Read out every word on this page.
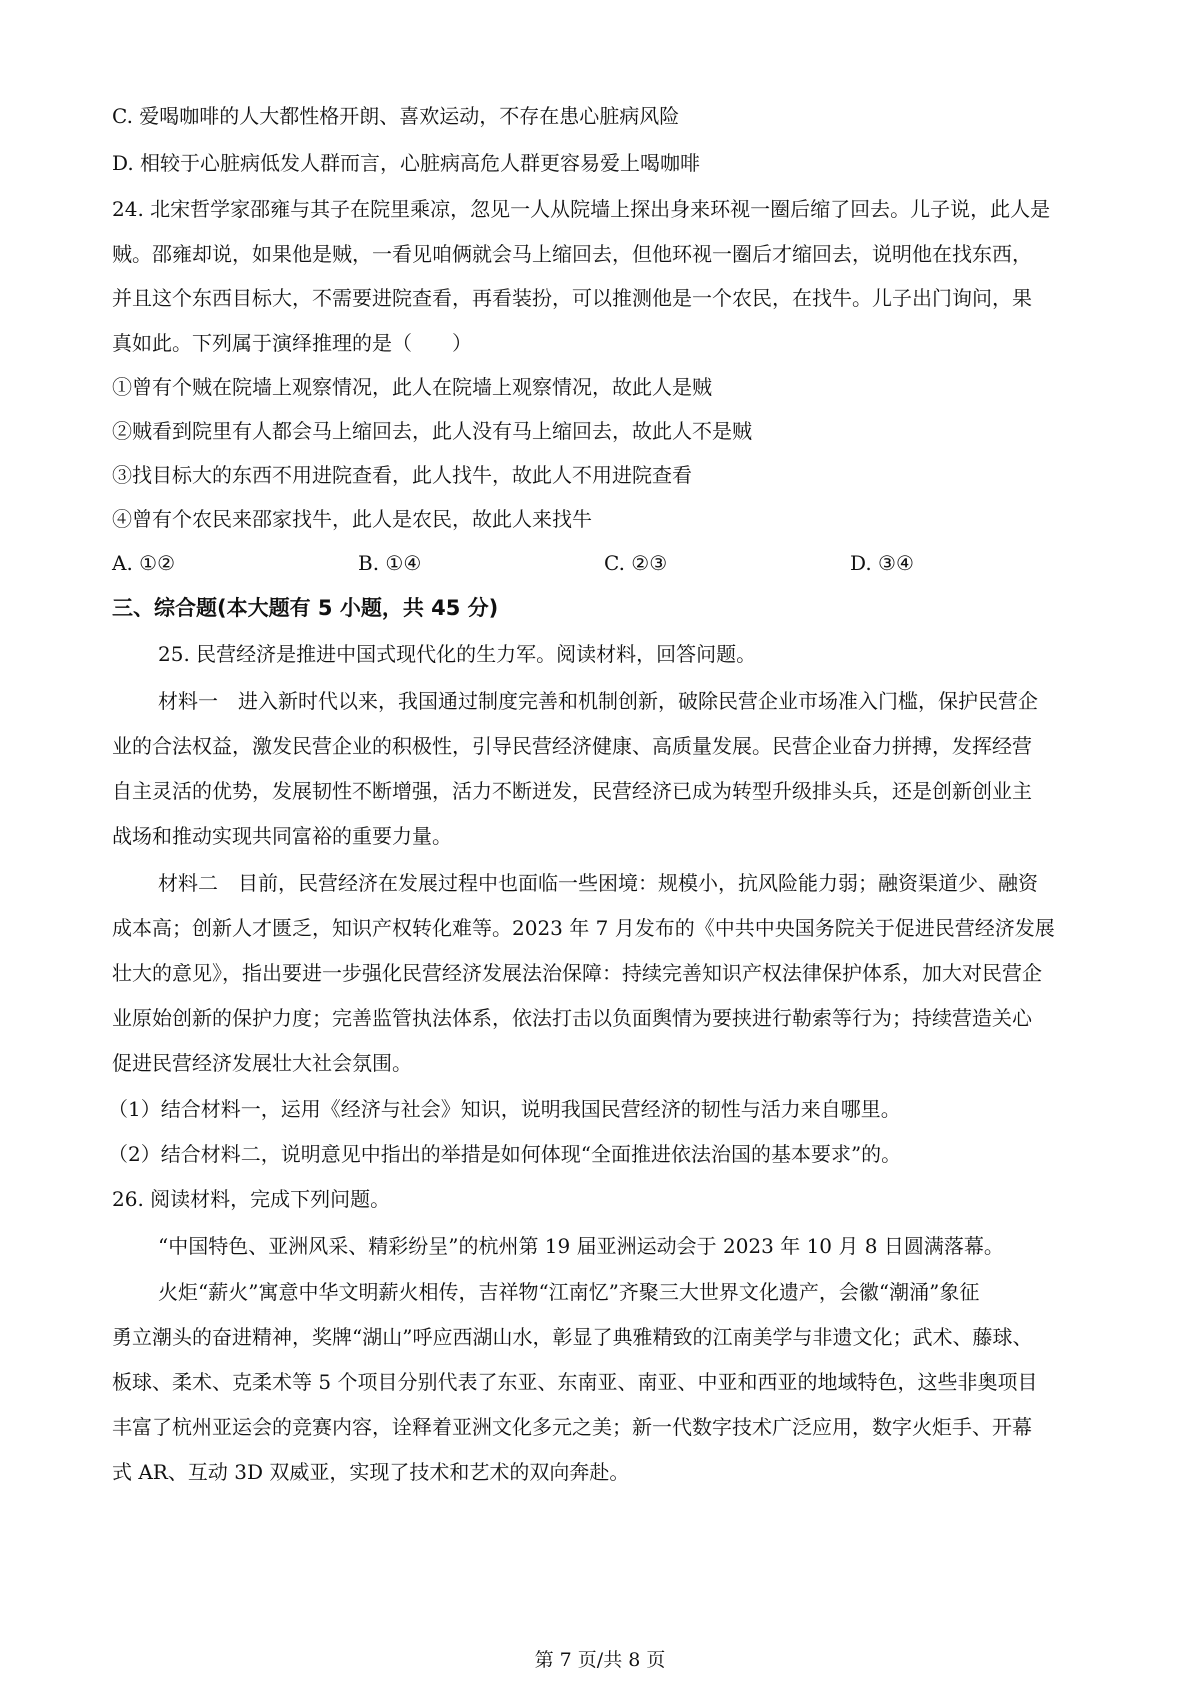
C. 爱喝咖啡的人大都性格开朗、喜欢运动，不存在患心脏病风险
D. 相较于心脏病低发人群而言，心脏病高危人群更容易爱上喝咖啡
24. 北宋哲学家邵雍与其子在院里乘凉，忽见一人从院墙上探出身来环视一圈后缩了回去。儿子说，此人是
贼。邵雍却说，如果他是贼，一看见咱俩就会马上缩回去，但他环视一圈后才缩回去，说明他在找东西，
并且这个东西目标大，不需要进院查看，再看装扮，可以推测他是一个农民，在找牛。儿子出门询问，果
真如此。下列属于演绎推理的是（　　）
①曾有个贼在院墙上观察情况，此人在院墙上观察情况，故此人是贼
②贼看到院里有人都会马上缩回去，此人没有马上缩回去，故此人不是贼
③找目标大的东西不用进院查看，此人找牛，故此人不用进院查看
④曾有个农民来邵家找牛，此人是农民，故此人来找牛
A. ①②	B. ①④	C. ②③	D. ③④
三、综合题(本大题有 5 小题，共 45 分)
25. 民营经济是推进中国式现代化的生力军。阅读材料，回答问题。
材料一　进入新时代以来，我国通过制度完善和机制创新，破除民营企业市场准入门槛，保护民营企
业的合法权益，激发民营企业的积极性，引导民营经济健康、高质量发展。民营企业奋力拼搏，发挥经营
自主灵活的优势，发展韧性不断增强，活力不断迸发，民营经济已成为转型升级排头兵，还是创新创业主
战场和推动实现共同富裕的重要力量。
材料二　目前，民营经济在发展过程中也面临一些困境：规模小，抗风险能力弱；融资渠道少、融资
成本高；创新人才匮乏，知识产权转化难等。2023 年 7 月发布的《中共中央国务院关于促进民营经济发展
壮大的意见》，指出要进一步强化民营经济发展法治保障：持续完善知识产权法律保护体系，加大对民营企
业原始创新的保护力度；完善监管执法体系，依法打击以负面舆情为要挟进行勒索等行为；持续营造关心
促进民营经济发展壮大社会氛围。
（1）结合材料一，运用《经济与社会》知识，说明我国民营经济的韧性与活力来自哪里。
（2）结合材料二，说明意见中指出的举措是如何体现“全面推进依法治国的基本要求”的。
26. 阅读材料，完成下列问题。
“中国特色、亚洲风采、精彩纷呈”的杭州第 19 届亚洲运动会于 2023 年 10 月 8 日圆满落幕。
火炬“薪火”寓意中华文明薪火相传，吉祥物“江南忆”齐聚三大世界文化遗产，会徽“潮涌”象征
勇立潮头的奋进精神，奖牌“湖山”呼应西湖山水，彰显了典雅精致的江南美学与非遗文化；武术、藤球、
板球、柔术、克柔术等 5 个项目分别代表了东亚、东南亚、南亚、中亚和西亚的地域特色，这些非奥项目
丰富了杭州亚运会的竞赛内容，诠释着亚洲文化多元之美；新一代数字技术广泛应用，数字火炬手、开幕
式 AR、互动 3D 双威亚，实现了技术和艺术的双向奔赴。
第 7 页/共 8 页
